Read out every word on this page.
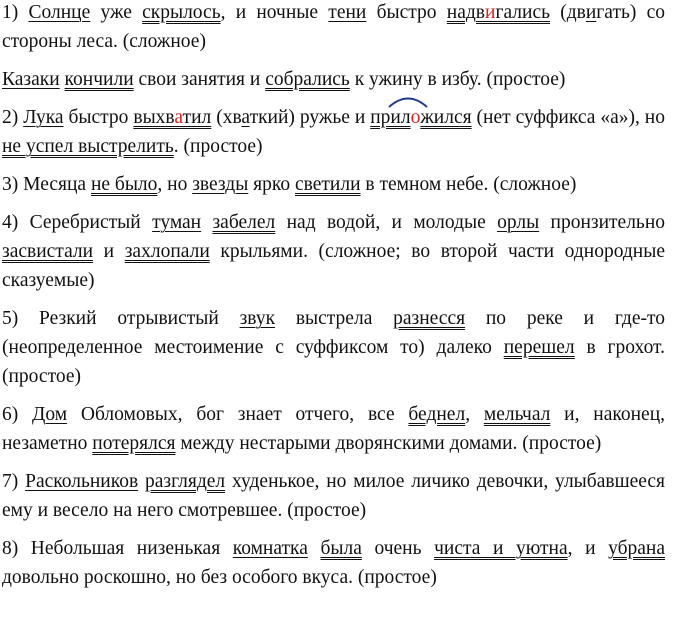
1) Солнце уже скрылось, и ночные тени быстро надвигались (двигать) со стороны леса. (сложное)

Казаки кончили свои занятия и собрались к ужину в избу. (простое)

2) Лука быстро выхватил (хваткий) ружье и прил
ожился (нет суффикса «а»), но не успел выстрелить. (простое)

3) Месяца не было, но звезды ярко светили в темном небе. (сложное)

4) Серебристый туман забелел над водой, и молодые орлы пронзительно засвистали и захлопали крыльями. (сложное; во второй части однородные сказуемые)

5) Резкий отрывистый звук выстрела разнесся по реке и где-то (неопределенное местоимение с суффиксом то) далеко перешел в грохот. (простое)

6) Дом Обломовых, бог знает отчего, все беднел, мельчал и, наконец, незаметно потерялся между нестарыми дворянскими домами. (простое)

7) Раскольников разглядел худенькое, но милое личико девочки, улыбавшееся ему и весело на него смотревшее. (простое)

8) Небольшая низенькая комнатка была очень чиста и уютна, и убрана довольно роскошно, но без особого вкуса. (простое)
